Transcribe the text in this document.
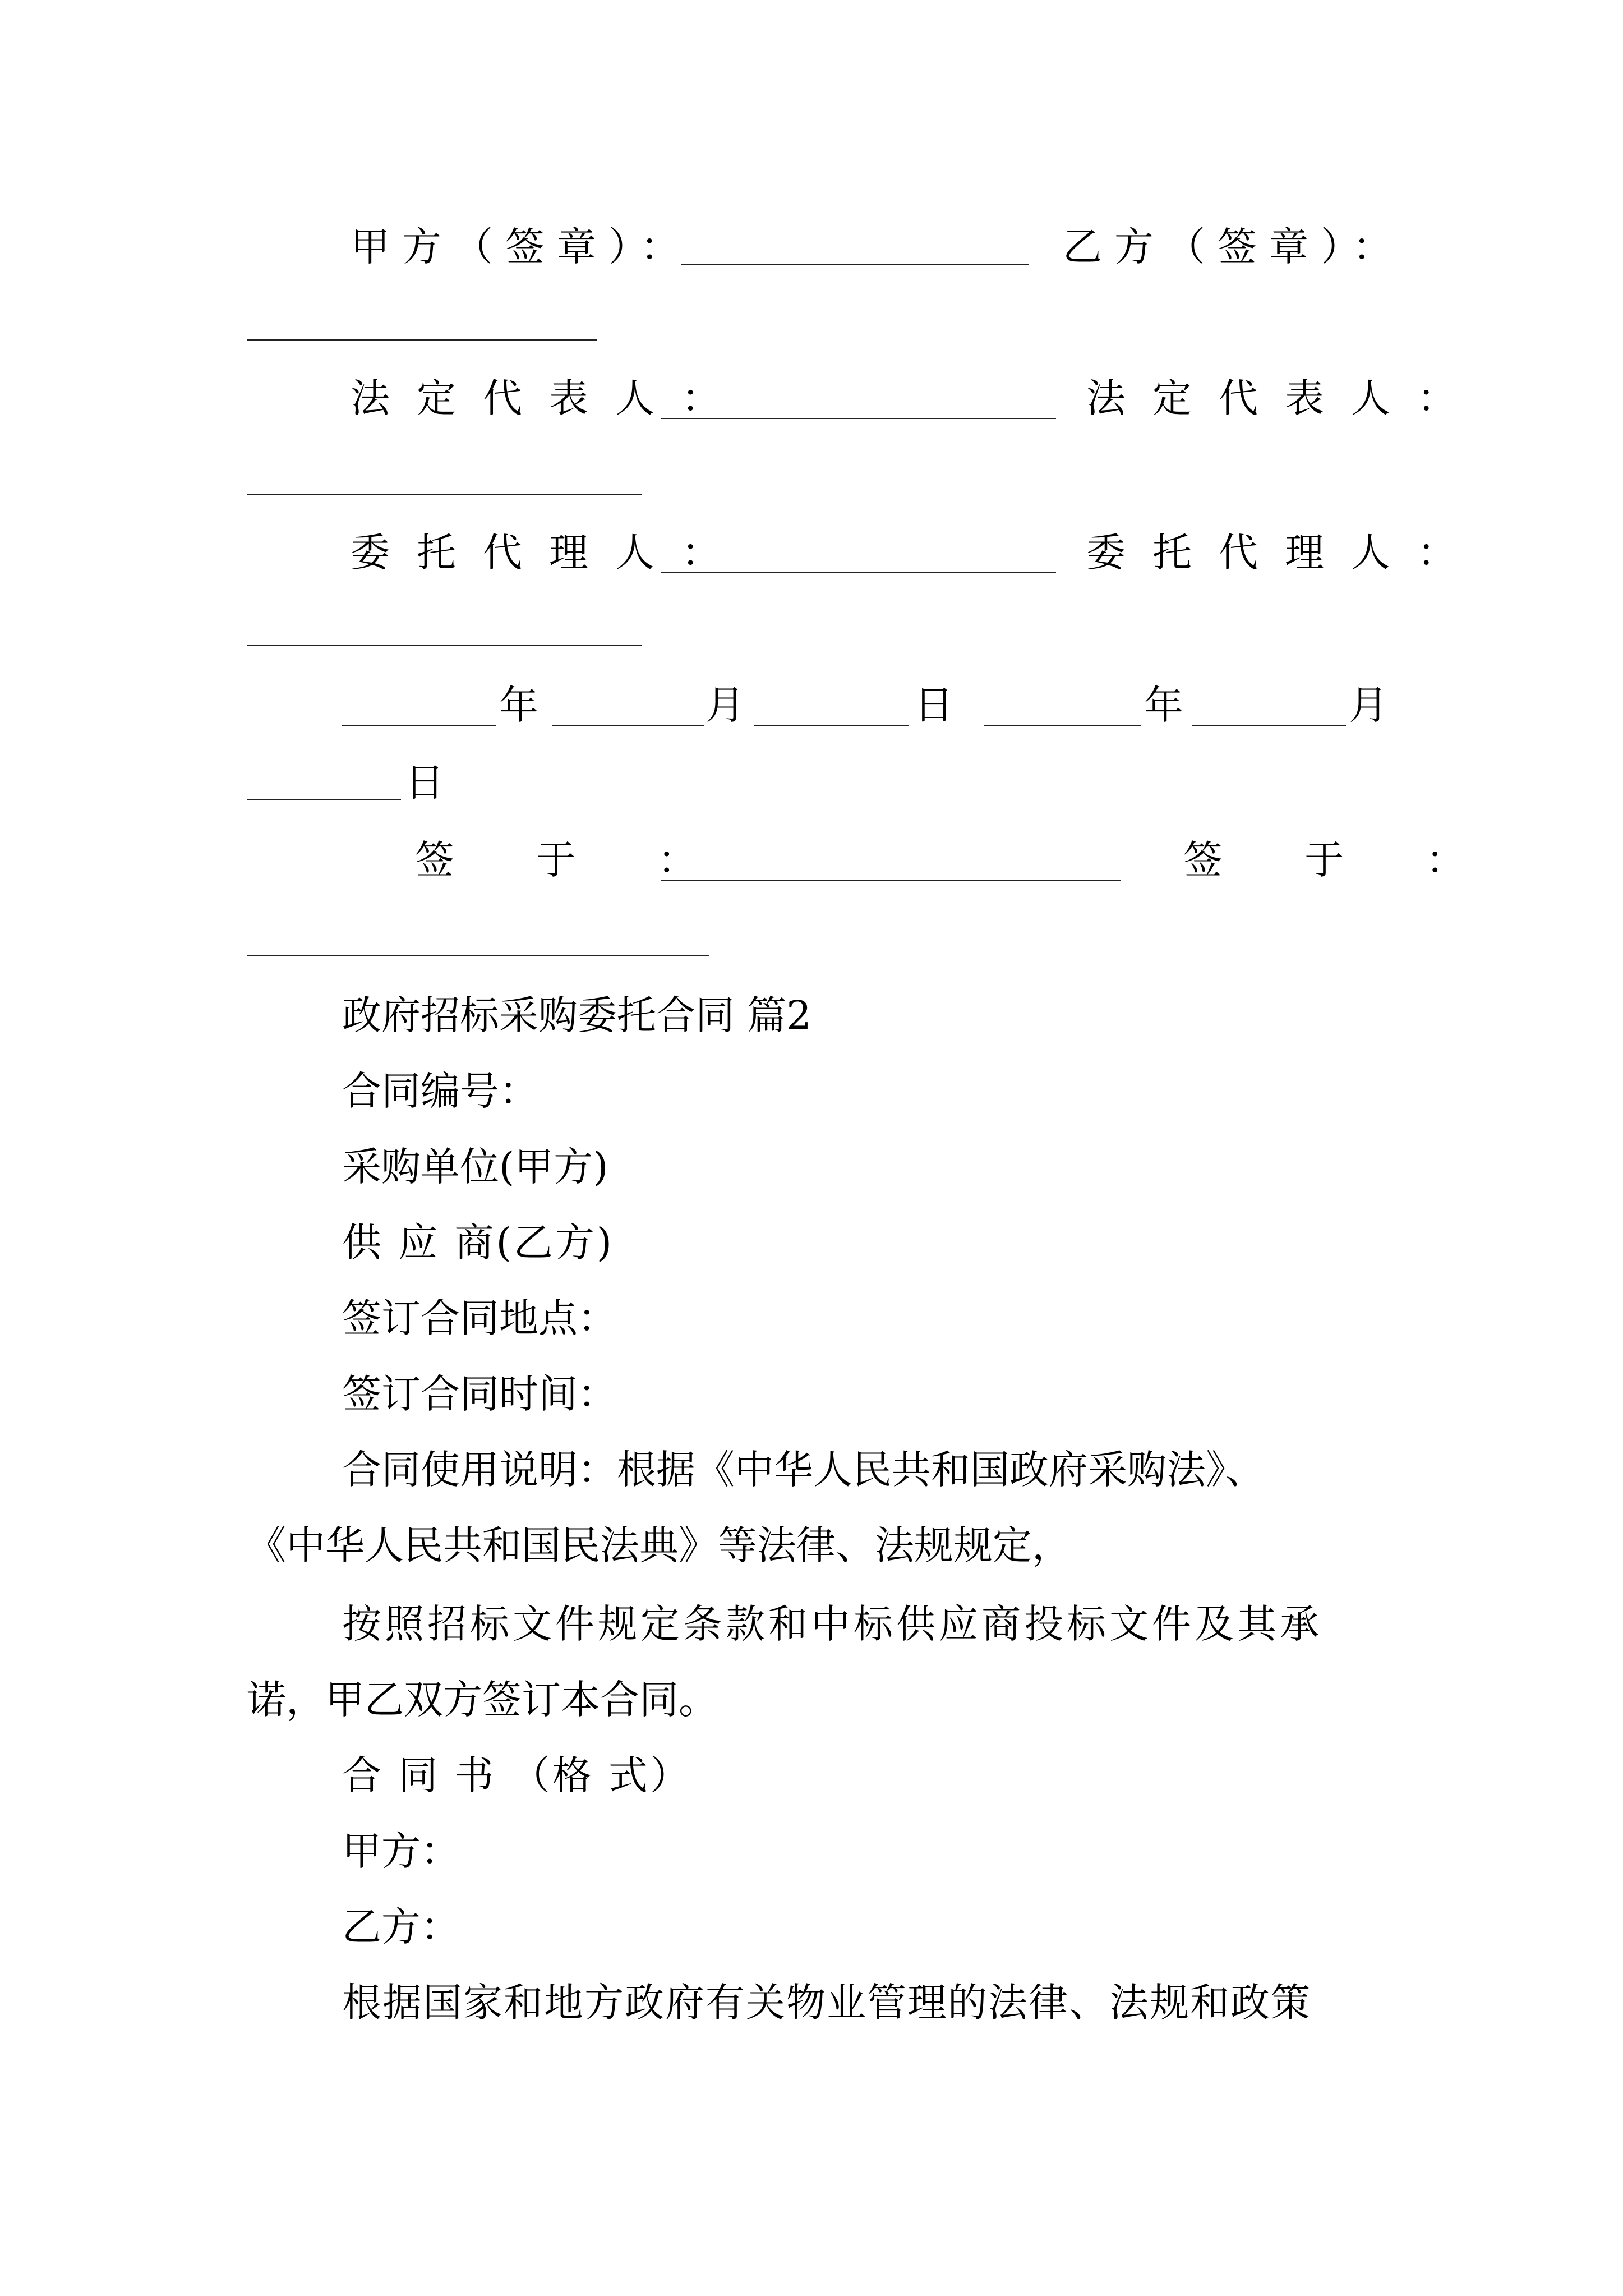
甲方（签章）：	乙方（签章）：
法定代表人：	法定代表人：
委托代理人：	委托代理人：
年	月	日	年	月
日
签 于 ：	签 于 ：
政府招标采购委托合同 篇2
合同编号：
采购单位(甲方)
供 应 商(乙方)
签订合同地点：
签订合同时间：
合同使用说明：根据《中华人民共和国政府采购法》、
《中华人民共和国民法典》等法律、法规规定，
按照招标文件规定条款和中标供应商投标文件及其承
诺，甲乙双方签订本合同。
合 同 书 （格 式）
甲方：
乙方：
根据国家和地方政府有关物业管理的法律、法规和政策
